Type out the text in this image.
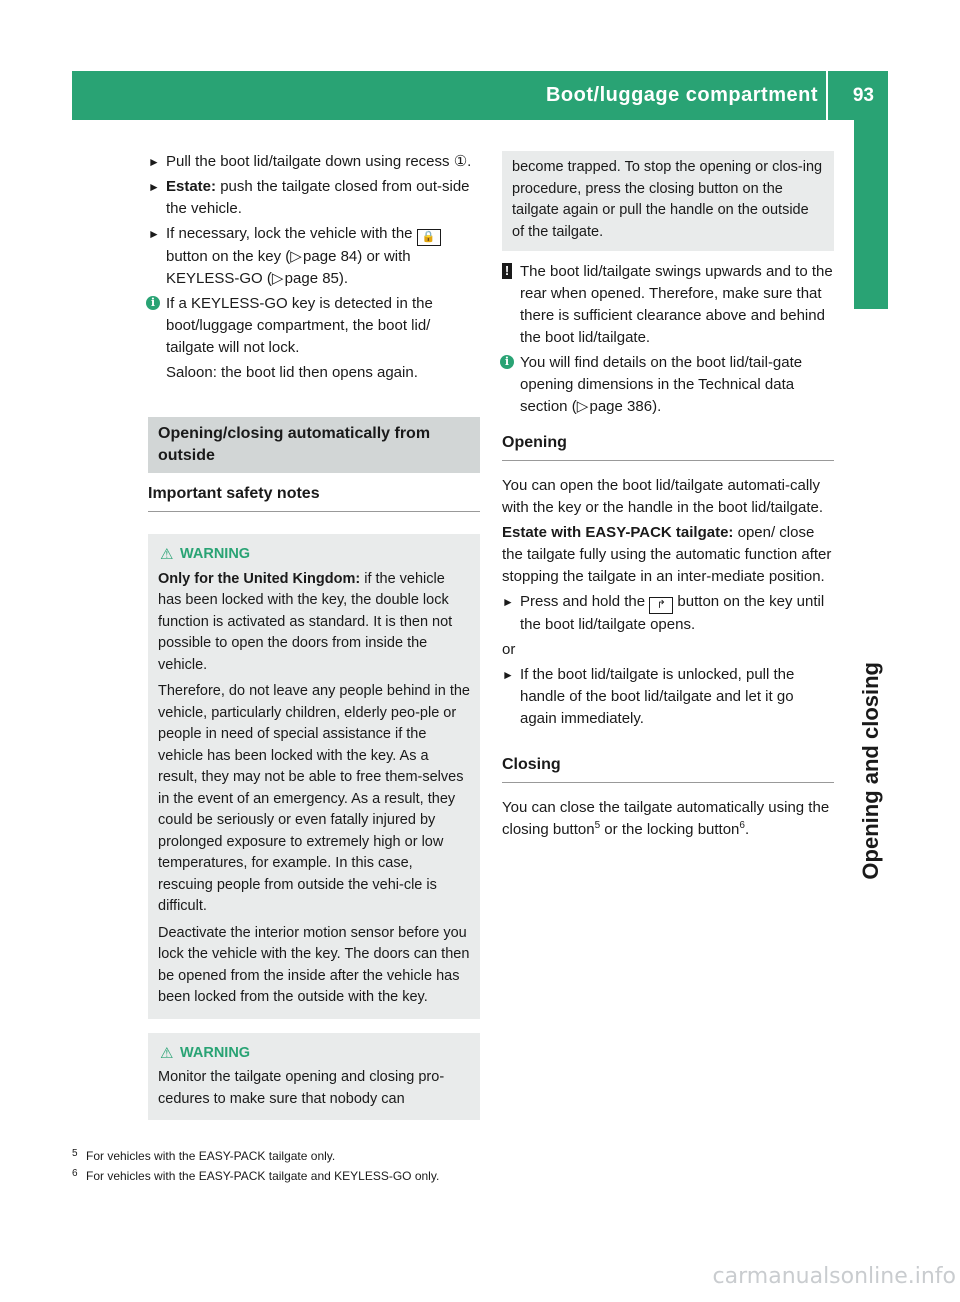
Boot/luggage compartment 93
Opening and closing
► Pull the boot lid/tailgate down using recess ①.
► Estate: push the tailgate closed from out-side the vehicle.
► If necessary, lock the vehicle with the 🔒 button on the key (▷ page 84) or with KEYLESS-GO (▷ page 85).
i If a KEYLESS-GO key is detected in the boot/luggage compartment, the boot lid/ tailgate will not lock.
Saloon: the boot lid then opens again.
Opening/closing automatically from outside
Important safety notes
⚠ WARNING

Only for the United Kingdom: if the vehicle has been locked with the key, the double lock function is activated as standard. It is then not possible to open the doors from inside the vehicle.

Therefore, do not leave any people behind in the vehicle, particularly children, elderly peo-ple or people in need of special assistance if the vehicle has been locked with the key. As a result, they may not be able to free them-selves in the event of an emergency. As a result, they could be seriously or even fatally injured by prolonged exposure to extremely high or low temperatures, for example. In this case, rescuing people from outside the vehi-cle is difficult.

Deactivate the interior motion sensor before you lock the vehicle with the key. The doors can then be opened from the inside after the vehicle has been locked from the outside with the key.

⚠ WARNING

Monitor the tailgate opening and closing pro-cedures to make sure that nobody can

become trapped. To stop the opening or clos-ing procedure, press the closing button on the tailgate again or pull the handle on the outside of the tailgate.
! The boot lid/tailgate swings upwards and to the rear when opened. Therefore, make sure that there is sufficient clearance above and behind the boot lid/tailgate.
i You will find details on the boot lid/tail-gate opening dimensions in the Technical data section (▷ page 386).
Opening

You can open the boot lid/tailgate automati-cally with the key or the handle in the boot lid/tailgate.

Estate with EASY-PACK tailgate: open/ close the tailgate fully using the automatic function after stopping the tailgate in an inter-mediate position.

► Press and hold the ↱ button on the key until the boot lid/tailgate opens.

or

► If the boot lid/tailgate is unlocked, pull the handle of the boot lid/tailgate and let it go again immediately.
Closing

You can close the tailgate automatically using the closing button$^5$ or the locking button$^6$.

5 For vehicles with the EASY-PACK tailgate only.
6 For vehicles with the EASY-PACK tailgate and KEYLESS-GO only.
carmanualsonline.info
